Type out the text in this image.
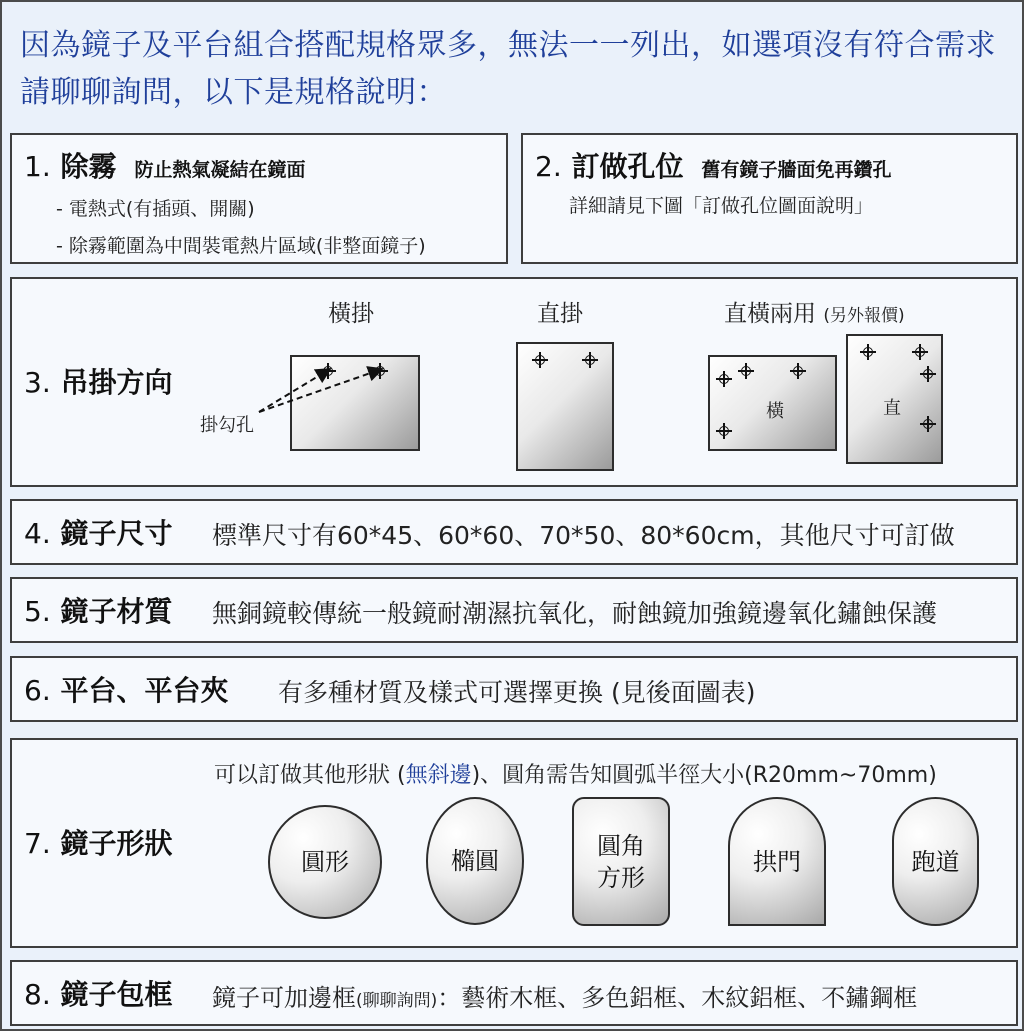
因為鏡子及平台組合搭配規格眾多，無法一一列出，如選項沒有符合需求請聊聊詢問，以下是規格說明：
1. 除霧 防止熱氣凝結在鏡面
- 電熱式(有插頭、開關)
- 除霧範圍為中間裝電熱片區域(非整面鏡子)
2. 訂做孔位 舊有鏡子牆面免再鑽孔
詳細請見下圖「訂做孔位圖面說明」
3. 吊掛方向
橫掛	直掛	直橫兩用 (另外報價)
掛勾孔
橫	直
4. 鏡子尺寸 標準尺寸有60*45、60*60、70*50、80*60cm，其他尺寸可訂做
5. 鏡子材質 無銅鏡較傳統一般鏡耐潮濕抗氧化，耐蝕鏡加強鏡邊氧化鏽蝕保護
6. 平台、平台夾 有多種材質及樣式可選擇更換 (見後面圖表)
7. 鏡子形狀
可以訂做其他形狀 (無斜邊)、圓角需告知圓弧半徑大小(R20mm~70mm)
圓形	橢圓
圓角
方形
拱門	跑道
8. 鏡子包框 鏡子可加邊框(聊聊詢問)：藝術木框、多色鋁框、木紋鋁框、不鏽鋼框
